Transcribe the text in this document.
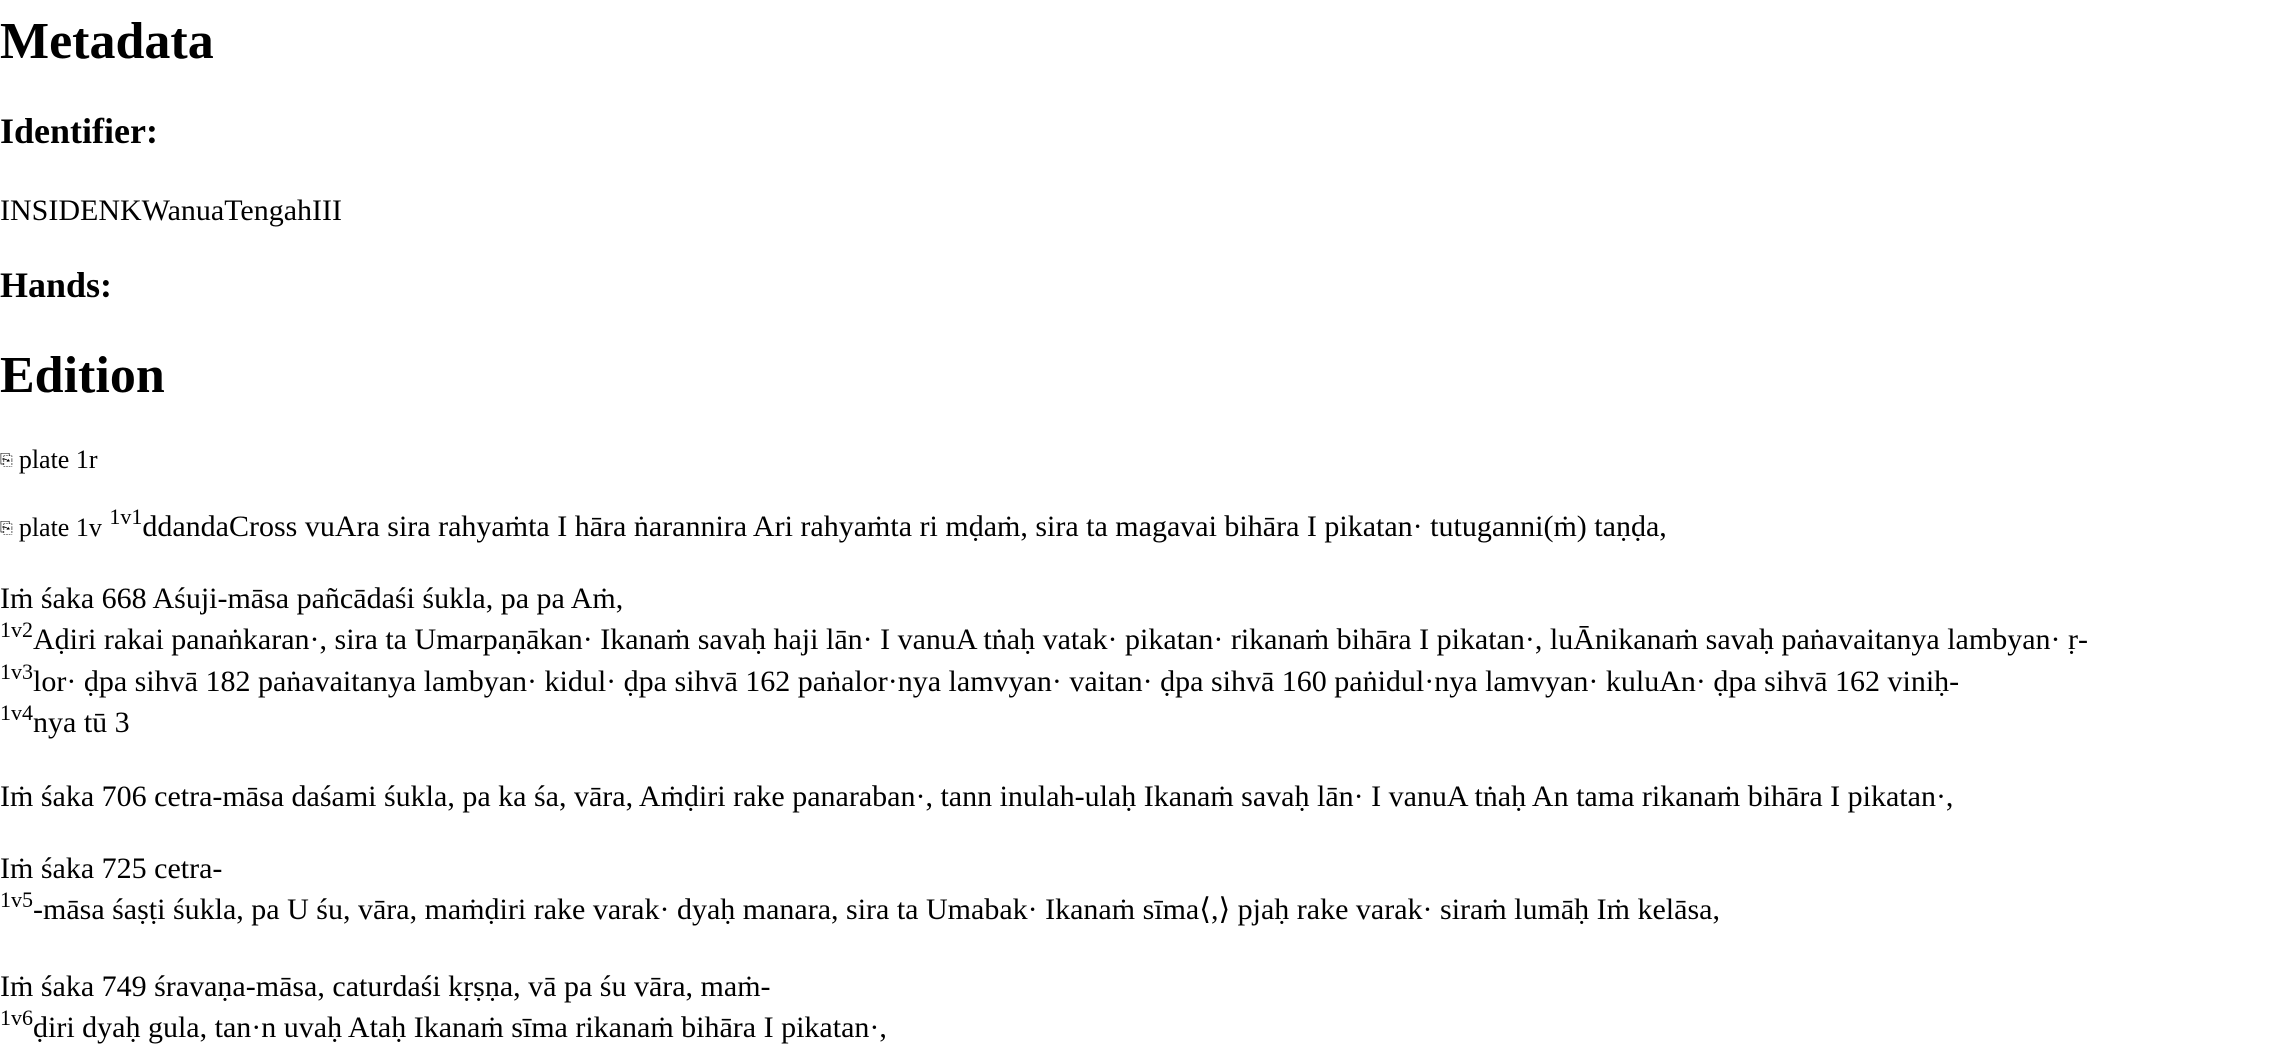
Metadata
Identifier:

INSIDENKWanuaTengahIII

Hands:
Edition

⎘ plate 1r

⎘ plate 1v $^{1v1}$ddandaCross vuAra sira rahyaṁta I hāra ṅarannira Ari rahyaṁta ri mḍaṁ, sira ta magavai bihāra I pikatan· tutuganni(ṁ) taṇḍa,

Iṁ śaka 668 Aśuji-māsa pañcādaśi śukla, pa pa Aṁ,

$^{1v2}$Aḍiri rakai panaṅkaran·, sira ta Umarpaṇākan· Ikanaṁ savaḥ haji lān· I vanuA tṅaḥ vatak· pikatan· rikanaṁ bihāra I pikatan·, luĀnikanaṁ savaḥ paṅavaitanya lambyan· ṛ-

$^{1v3}$lor· ḍpa sihvā 182 paṅavaitanya lambyan· kidul· ḍpa sihvā 162 paṅalor·nya lamvyan· vaitan· ḍpa sihvā 160 paṅidul·nya lamvyan· kuluAn· ḍpa sihvā 162 viniḥ-

$^{1v4}$nya tū 3

Iṁ śaka 706 cetra-māsa daśami śukla, pa ka śa, vāra, Aṁḍiri rake panaraban·, tann inulah-ulaḥ Ikanaṁ savaḥ lān· I vanuA tṅaḥ An tama rikanaṁ bihāra I pikatan·,

Iṁ śaka 725 cetra-

$^{1v5}$-māsa śaṣṭi śukla, pa U śu, vāra, maṁḍiri rake varak· dyaḥ manara, sira ta Umabak· Ikanaṁ sīma⟨,⟩ pjaḥ rake varak· siraṁ lumāḥ Iṁ kelāsa,

Iṁ śaka 749 śravaṇa-māsa, caturdaśi kṛṣṇa, vā pa śu vāra, maṁ-

$^{1v6}$ḍiri dyaḥ gula, tan·n uvaḥ Ataḥ Ikanaṁ sīma rikanaṁ bihāra I pikatan·,
